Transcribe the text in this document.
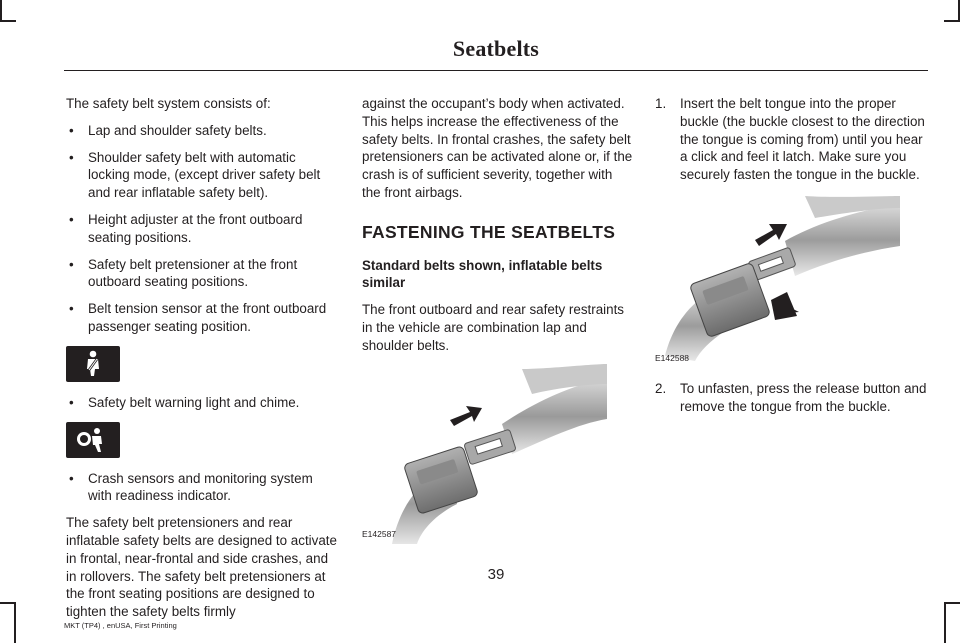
Seatbelts

The safety belt system consists of:

• Lap and shoulder safety belts.
• Shoulder safety belt with automatic locking mode, (except driver safety belt and rear inflatable safety belt).
• Height adjuster at the front outboard seating positions.
• Safety belt pretensioner at the front outboard seating positions.
• Belt tension sensor at the front outboard passenger seating position.
• Safety belt warning light and chime.
• Crash sensors and monitoring system with readiness indicator.

The safety belt pretensioners and rear inflatable safety belts are designed to activate in frontal, near-frontal and side crashes, and in rollovers. The safety belt pretensioners at the front seating positions are designed to tighten the safety belts firmly

against the occupant’s body when activated. This helps increase the effectiveness of the safety belts. In frontal crashes, the safety belt pretensioners can be activated alone or, if the crash is of sufficient severity, together with the front airbags.

FASTENING THE SEATBELTS
Standard belts shown, inflatable belts similar

The front outboard and rear safety restraints in the vehicle are combination lap and shoulder belts.

E142587
1. Insert the belt tongue into the proper buckle (the buckle closest to the direction the tongue is coming from) until you hear a click and feel it latch. Make sure you securely fasten the tongue in the buckle.
E142588
2. To unfasten, press the release button and remove the tongue from the buckle.
39
MKT (TP4) , enUSA, First Printing
